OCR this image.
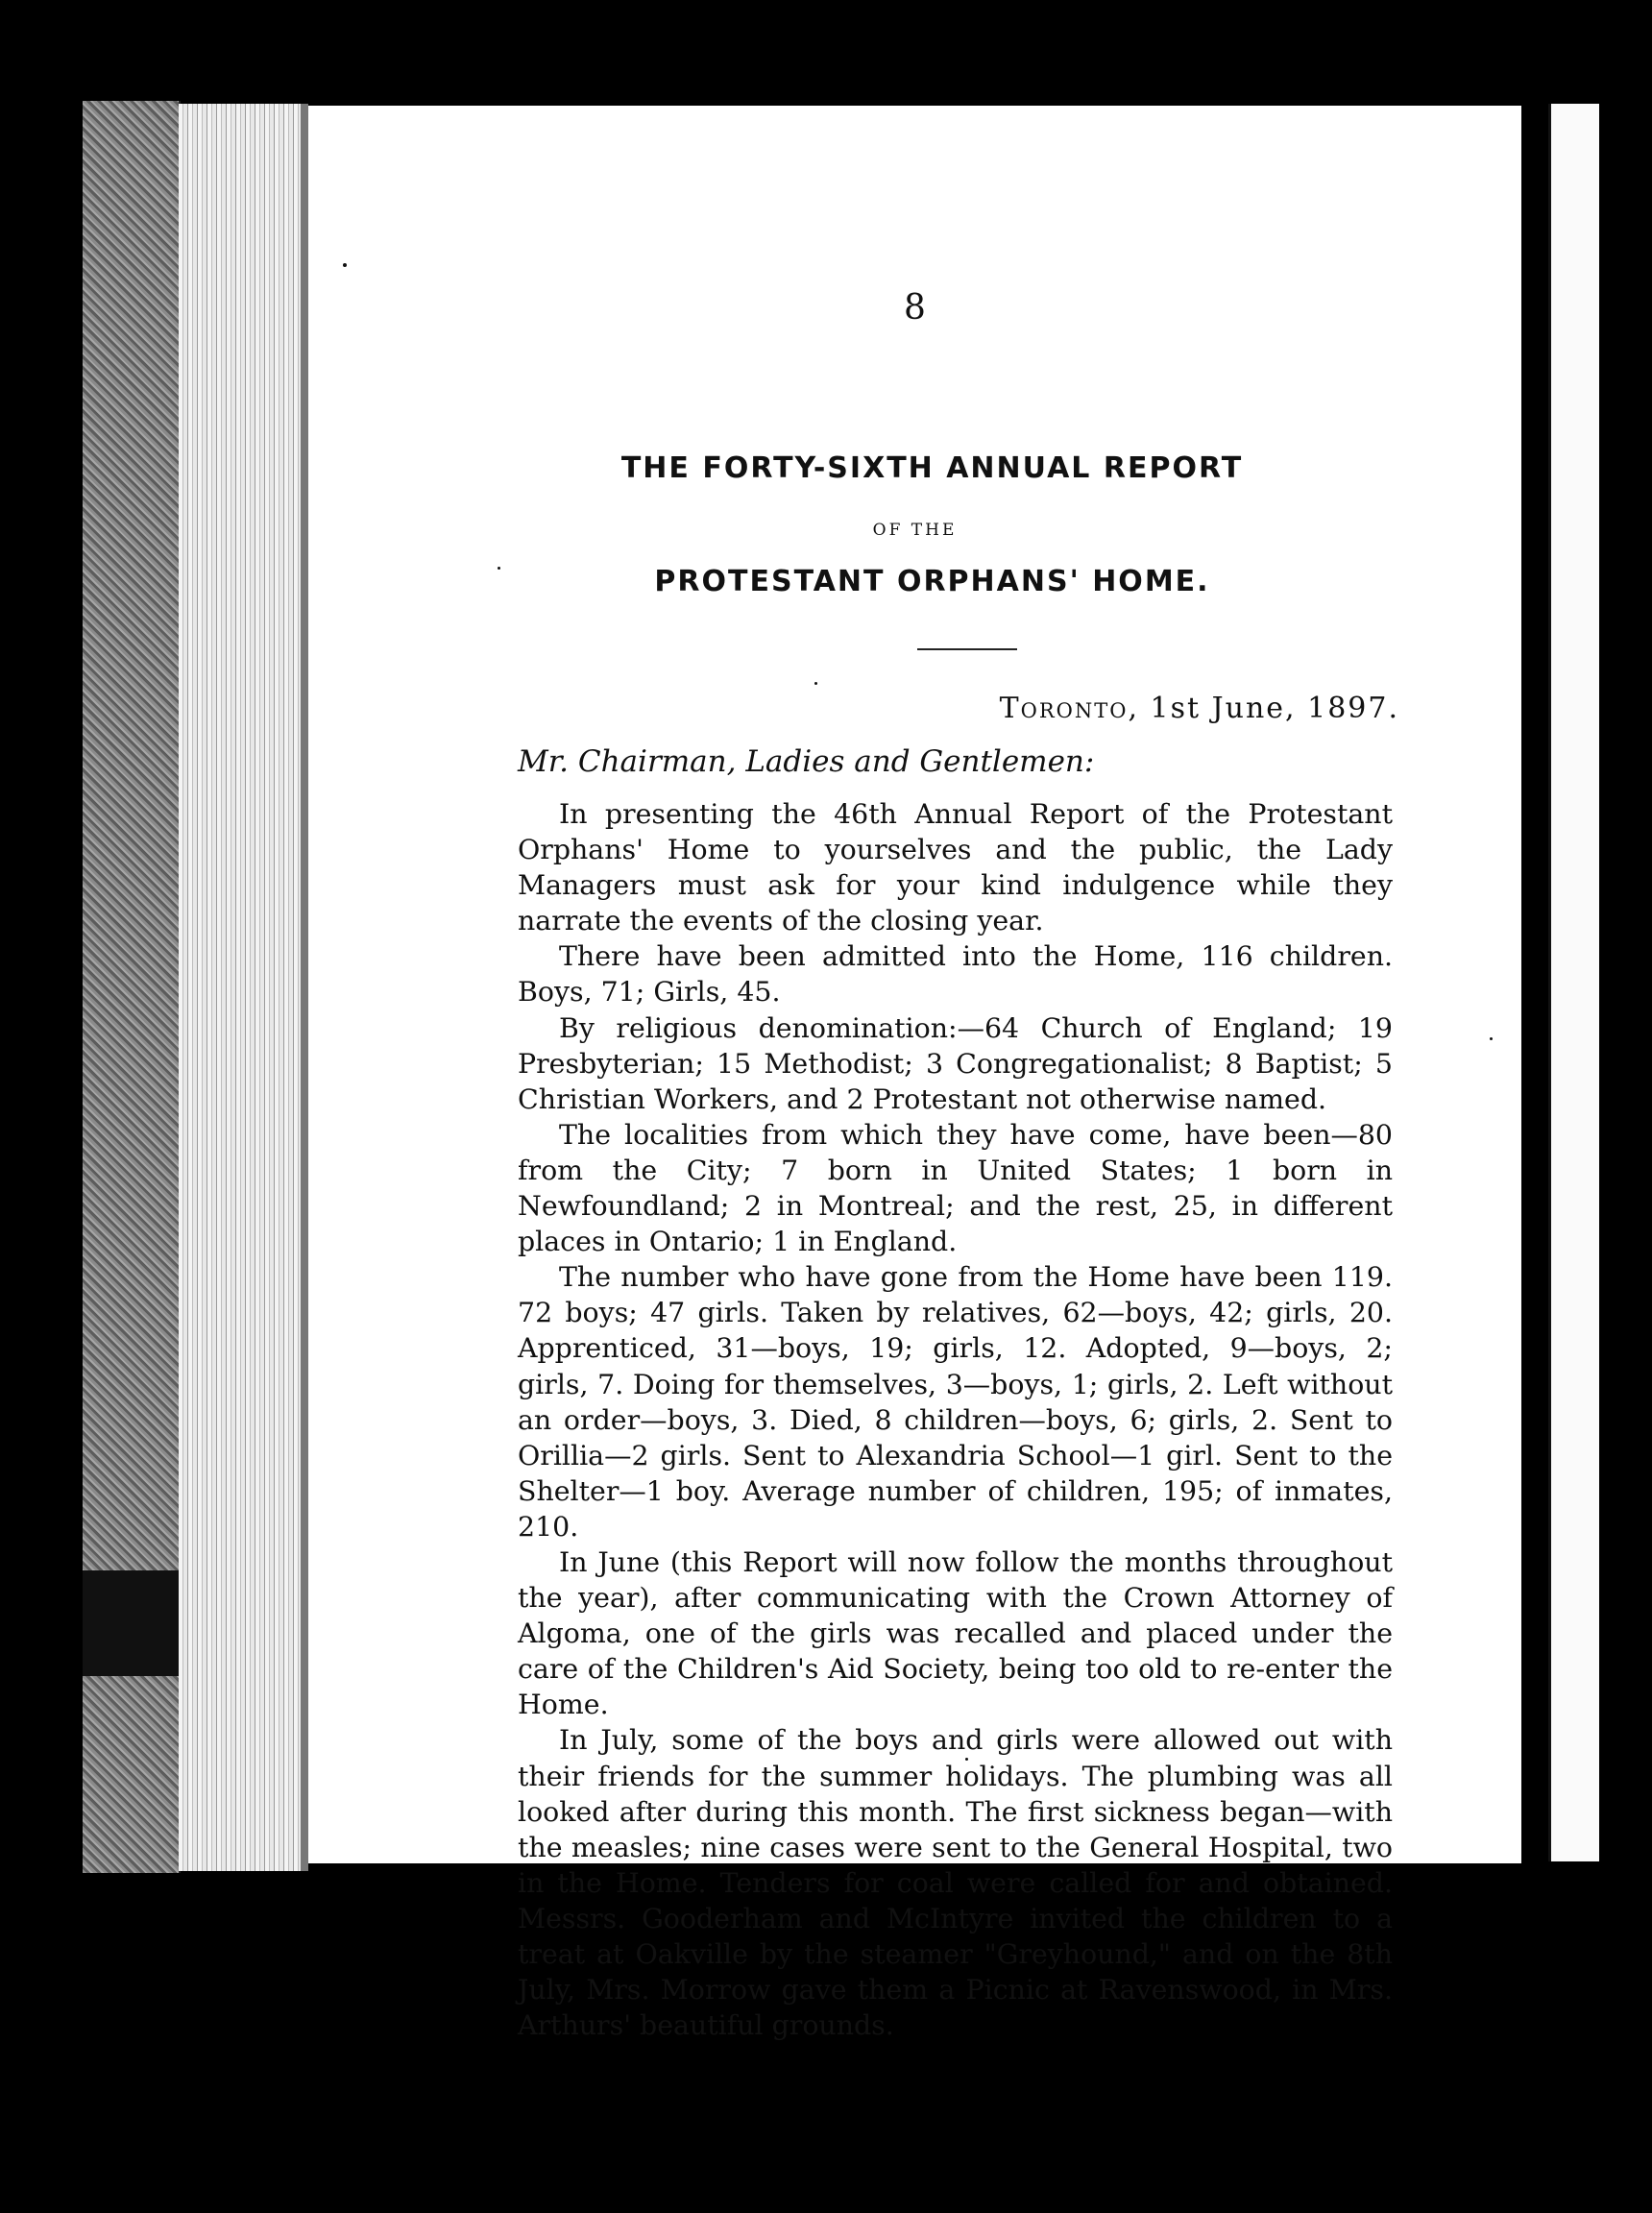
8
THE FORTY-SIXTH ANNUAL REPORT
OF THE
PROTESTANT ORPHANS' HOME.
Toronto, 1st June, 1897.
Mr. Chairman, Ladies and Gentlemen:

In presenting the 46th Annual Report of the Protestant Orphans' Home to yourselves and the public, the Lady Managers must ask for your kind indulgence while they narrate the events of the closing year.

There have been admitted into the Home, 116 children. Boys, 71; Girls, 45.

By religious denomination:—64 Church of England; 19 Presbyterian; 15 Methodist; 3 Congregationalist; 8 Baptist; 5 Christian Workers, and 2 Protestant not otherwise named.

The localities from which they have come, have been—80 from the City; 7 born in United States; 1 born in Newfoundland; 2 in Montreal; and the rest, 25, in different places in Ontario; 1 in England.

The number who have gone from the Home have been 119. 72 boys; 47 girls. Taken by relatives, 62—boys, 42; girls, 20. Apprenticed, 31—boys, 19; girls, 12. Adopted, 9—boys, 2; girls, 7. Doing for themselves, 3—boys, 1; girls, 2. Left without an order—boys, 3. Died, 8 children—boys, 6; girls, 2. Sent to Orillia—2 girls. Sent to Alexandria School—1 girl. Sent to the Shelter—1 boy. Average number of children, 195; of inmates, 210.

In June (this Report will now follow the months throughout the year), after communicating with the Crown Attorney of Algoma, one of the girls was recalled and placed under the care of the Children's Aid Society, being too old to re-enter the Home.

In July, some of the boys and girls were allowed out with their friends for the summer holidays. The plumbing was all looked after during this month. The first sickness began—with the measles; nine cases were sent to the General Hospital, two in the Home. Tenders for coal were called for and obtained. Messrs. Gooderham and McIntyre invited the children to a treat at Oakville by the steamer "Greyhound," and on the 8th July, Mrs. Morrow gave them a Picnic at Ravenswood, in Mrs. Arthurs' beautiful grounds.
